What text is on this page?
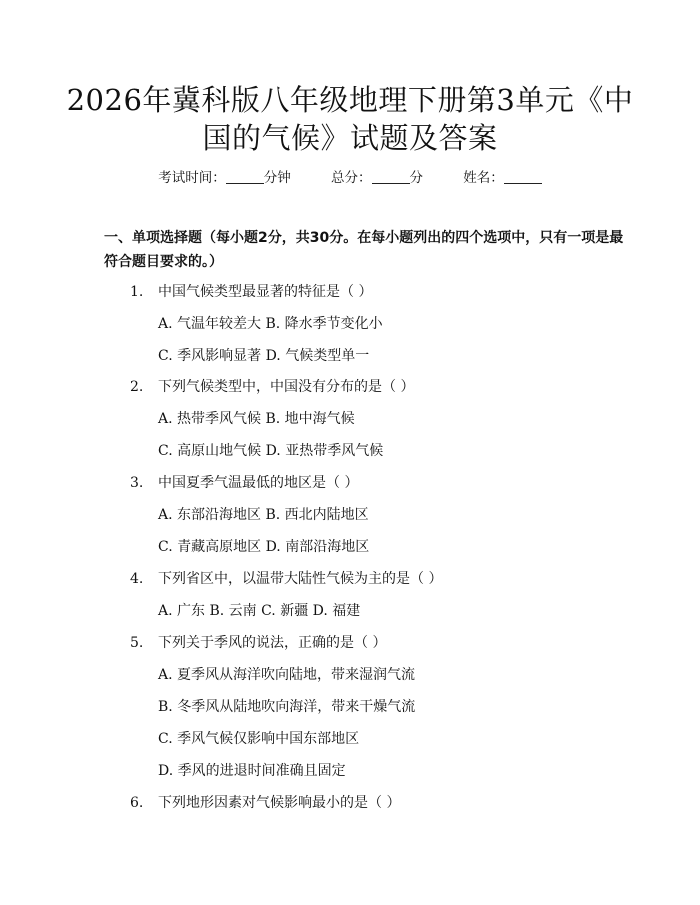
2026年冀科版八年级地理下册第3单元《中
国的气候》试题及答案
考试时间：	分钟	总分：	分	姓名：
一、单项选择题（每小题2分，共30分。在每小题列出的四个选项中，只有一项是最符合题目要求的。）
1. 中国气候类型最显著的特征是（ ）
A. 气温年较差大 B. 降水季节变化小
C. 季风影响显著 D. 气候类型单一
2. 下列气候类型中，中国没有分布的是（ ）
A. 热带季风气候 B. 地中海气候
C. 高原山地气候 D. 亚热带季风气候
3. 中国夏季气温最低的地区是（ ）
A. 东部沿海地区 B. 西北内陆地区
C. 青藏高原地区 D. 南部沿海地区
4. 下列省区中，以温带大陆性气候为主的是（ ）
A. 广东 B. 云南 C. 新疆 D. 福建
5. 下列关于季风的说法，正确的是（ ）
A. 夏季风从海洋吹向陆地，带来湿润气流
B. 冬季风从陆地吹向海洋，带来干燥气流
C. 季风气候仅影响中国东部地区
D. 季风的进退时间准确且固定
6. 下列地形因素对气候影响最小的是（ ）
